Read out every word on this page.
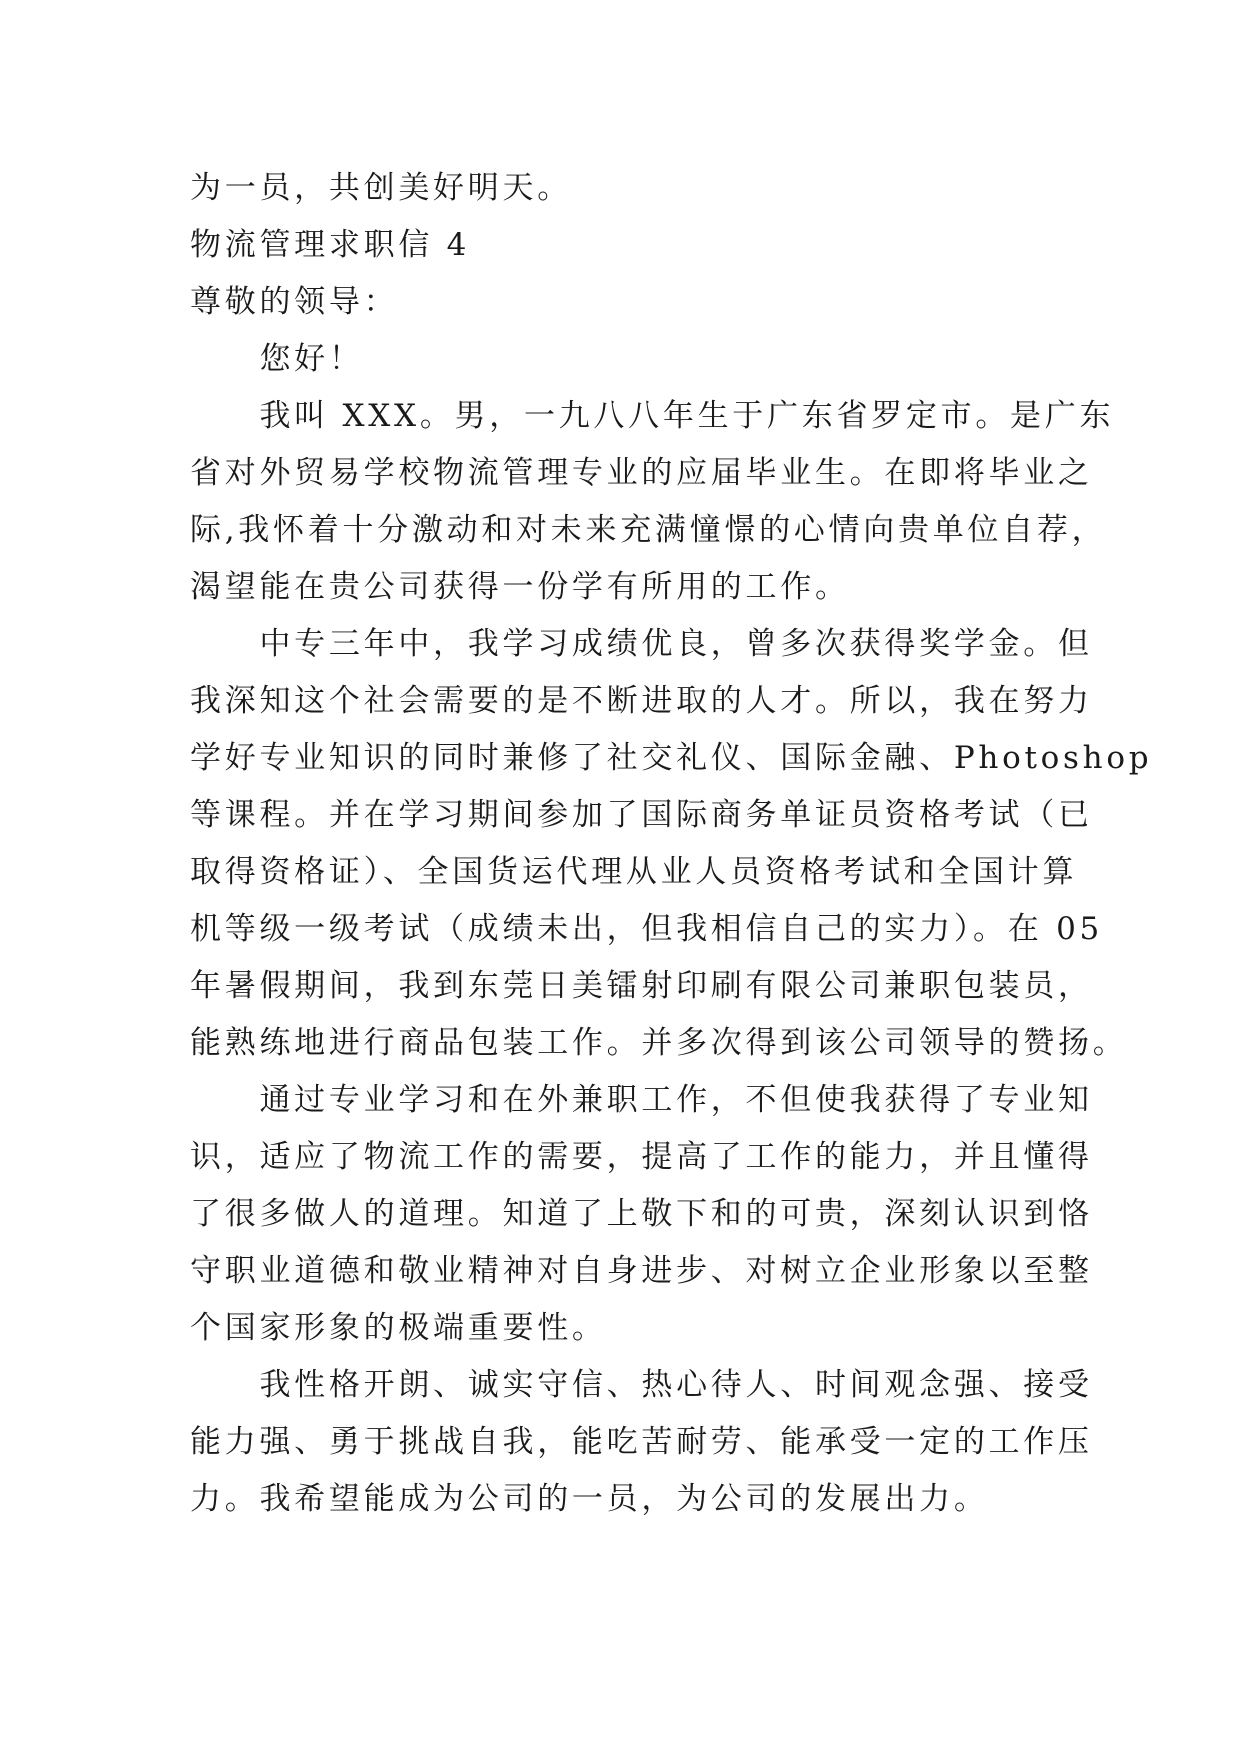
为一员，共创美好明天。

物流管理求职信 4

尊敬的领导：

您好！

我叫 XXX。男，一九八八年生于广东省罗定市。是广东

省对外贸易学校物流管理专业的应届毕业生。在即将毕业之

际,我怀着十分激动和对未来充满憧憬的心情向贵单位自荐，

渴望能在贵公司获得一份学有所用的工作。

中专三年中，我学习成绩优良，曾多次获得奖学金。但

我深知这个社会需要的是不断进取的人才。所以，我在努力

学好专业知识的同时兼修了社交礼仪、国际金融、Photoshop

等课程。并在学习期间参加了国际商务单证员资格考试（已

取得资格证）、全国货运代理从业人员资格考试和全国计算

机等级一级考试（成绩未出，但我相信自己的实力）。在 05

年暑假期间，我到东莞日美镭射印刷有限公司兼职包装员，

能熟练地进行商品包装工作。并多次得到该公司领导的赞扬。

通过专业学习和在外兼职工作，不但使我获得了专业知

识，适应了物流工作的需要，提高了工作的能力，并且懂得

了很多做人的道理。知道了上敬下和的可贵，深刻认识到恪

守职业道德和敬业精神对自身进步、对树立企业形象以至整

个国家形象的极端重要性。

我性格开朗、诚实守信、热心待人、时间观念强、接受

能力强、勇于挑战自我，能吃苦耐劳、能承受一定的工作压

力。我希望能成为公司的一员，为公司的发展出力。
